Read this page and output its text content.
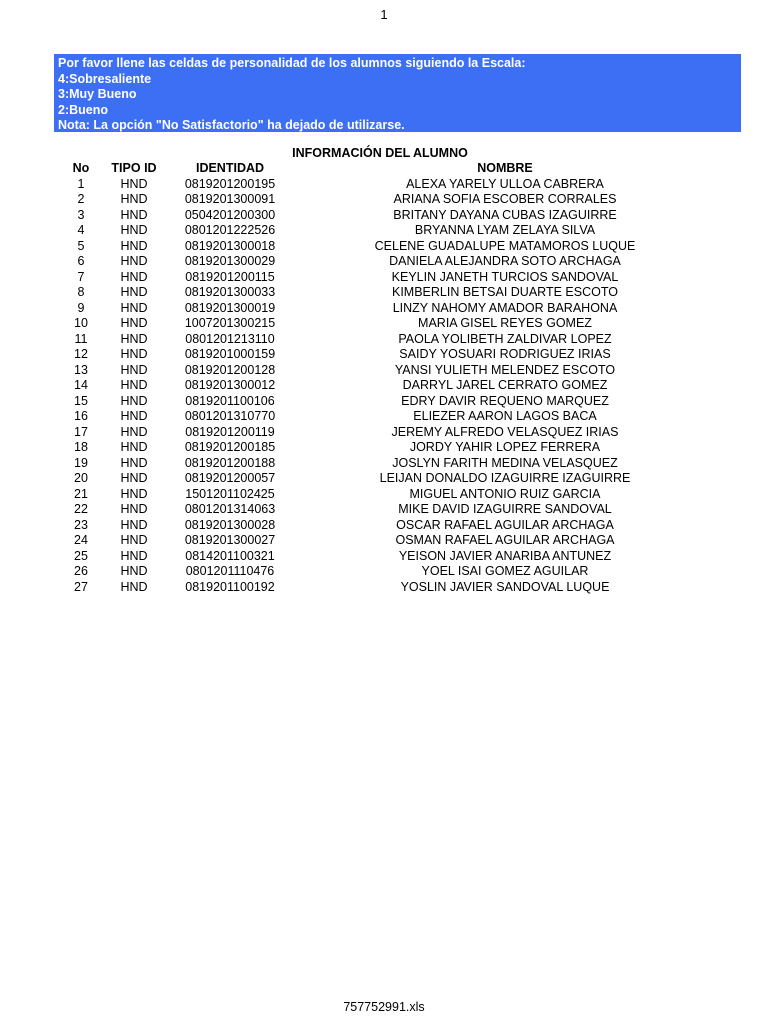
1
Por favor llene las celdas de personalidad de los alumnos siguiendo la Escala:
4:Sobresaliente
3:Muy Bueno
2:Bueno
Nota: La opción "No Satisfactorio" ha dejado de utilizarse.
INFORMACIÓN DEL ALUMNO
No	TIPO ID	IDENTIDAD	NOMBRE
1	HND	0819201200195	ALEXA YARELY ULLOA CABRERA
2	HND	0819201300091	ARIANA SOFIA ESCOBER CORRALES
3	HND	0504201200300	BRITANY DAYANA CUBAS IZAGUIRRE
4	HND	0801201222526	BRYANNA LYAM ZELAYA SILVA
5	HND	0819201300018	CELENE GUADALUPE MATAMOROS LUQUE
6	HND	0819201300029	DANIELA ALEJANDRA SOTO ARCHAGA
7	HND	0819201200115	KEYLIN JANETH TURCIOS SANDOVAL
8	HND	0819201300033	KIMBERLIN BETSAI DUARTE ESCOTO
9	HND	0819201300019	LINZY NAHOMY AMADOR BARAHONA
10	HND	1007201300215	MARIA GISEL REYES GOMEZ
11	HND	0801201213110	PAOLA YOLIBETH ZALDIVAR LOPEZ
12	HND	0819201000159	SAIDY YOSUARI RODRIGUEZ IRIAS
13	HND	0819201200128	YANSI YULIETH MELENDEZ ESCOTO
14	HND	0819201300012	DARRYL JAREL CERRATO GOMEZ
15	HND	0819201100106	EDRY DAVIR REQUENO MARQUEZ
16	HND	0801201310770	ELIEZER AARON LAGOS BACA
17	HND	0819201200119	JEREMY ALFREDO VELASQUEZ IRIAS
18	HND	0819201200185	JORDY YAHIR LOPEZ FERRERA
19	HND	0819201200188	JOSLYN FARITH MEDINA VELASQUEZ
20	HND	0819201200057	LEIJAN DONALDO IZAGUIRRE IZAGUIRRE
21	HND	1501201102425	MIGUEL ANTONIO RUIZ GARCIA
22	HND	0801201314063	MIKE DAVID IZAGUIRRE SANDOVAL
23	HND	0819201300028	OSCAR RAFAEL AGUILAR ARCHAGA
24	HND	0819201300027	OSMAN RAFAEL AGUILAR ARCHAGA
25	HND	0814201100321	YEISON JAVIER ANARIBA ANTUNEZ
26	HND	0801201110476	YOEL ISAI GOMEZ AGUILAR
27	HND	0819201100192	YOSLIN JAVIER SANDOVAL LUQUE
757752991.xls
